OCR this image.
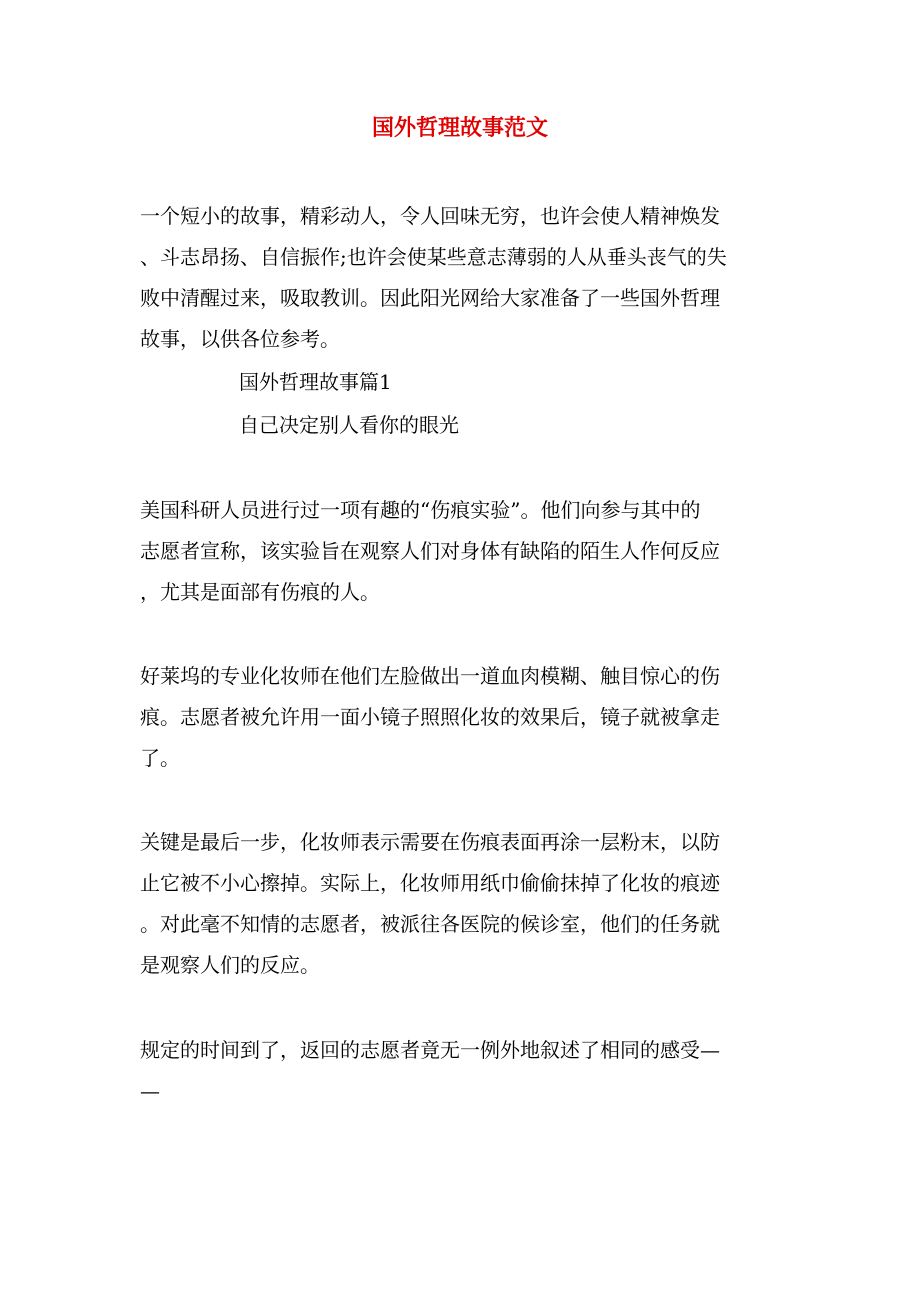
国外哲理故事范文
一个短小的故事，精彩动人，令人回味无穷，也许会使人精神焕发
、斗志昂扬、自信振作;也许会使某些意志薄弱的人从垂头丧气的失
败中清醒过来，吸取教训。因此阳光网给大家准备了一些国外哲理
故事，以供各位参考。
国外哲理故事篇1
自己决定别人看你的眼光
美国科研人员进行过一项有趣的“伤痕实验”。他们向参与其中的
志愿者宣称，该实验旨在观察人们对身体有缺陷的陌生人作何反应
，尤其是面部有伤痕的人。
好莱坞的专业化妆师在他们左脸做出一道血肉模糊、触目惊心的伤
痕。志愿者被允许用一面小镜子照照化妆的效果后，镜子就被拿走
了。
关键是最后一步，化妆师表示需要在伤痕表面再涂一层粉末，以防
止它被不小心擦掉。实际上，化妆师用纸巾偷偷抹掉了化妆的痕迹
。对此毫不知情的志愿者，被派往各医院的候诊室，他们的任务就
是观察人们的反应。
规定的时间到了，返回的志愿者竟无一例外地叙述了相同的感受—
—
